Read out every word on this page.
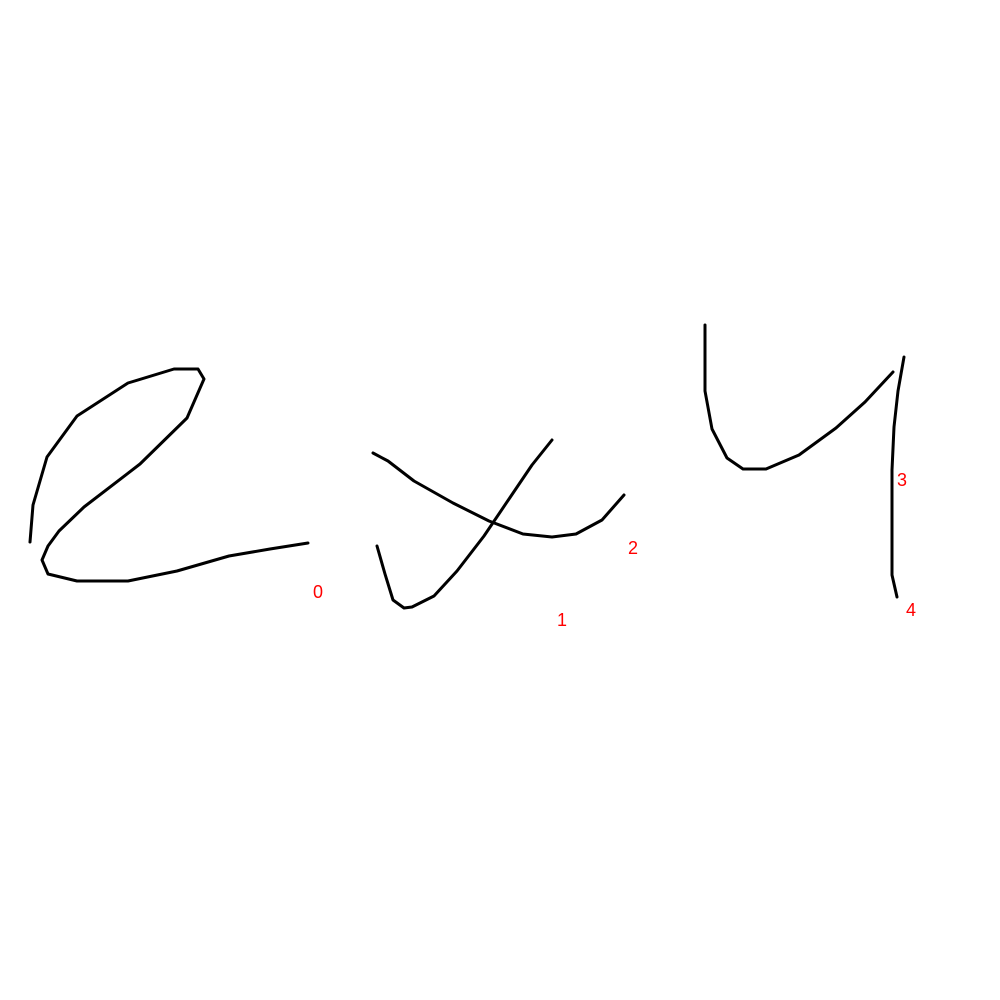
0
1
2
3
4
